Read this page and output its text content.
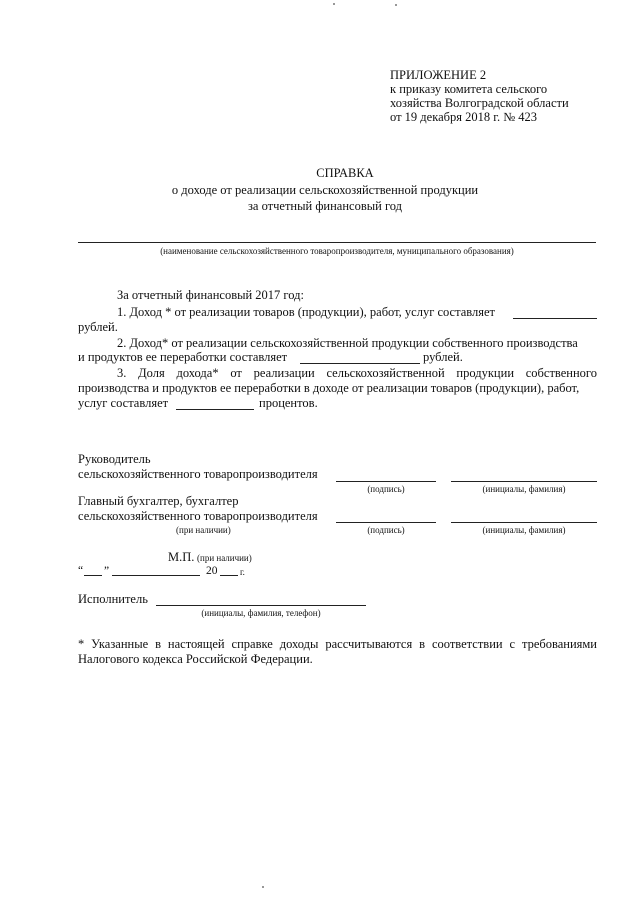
ПРИЛОЖЕНИЕ 2
к приказу комитета сельского
хозяйства Волгоградской области
от 19 декабря 2018 г. № 423
СПРАВКА
о доходе от реализации сельскохозяйственной продукции
за отчетный финансовый год
(наименование сельскохозяйственного товаропроизводителя, муниципального образования)
За отчетный финансовый 2017 год:
1. Доход * от реализации товаров (продукции), работ, услуг составляет
рублей.
2. Доход* от реализации сельскохозяйственной продукции собственного производства
и продуктов ее переработки составляет	рублей.
3. Доля дохода* от реализации сельскохозяйственной продукции собственного
производства и продуктов ее переработки в доходе от реализации товаров (продукции), работ,
услуг составляет	процентов.
Руководитель
сельскохозяйственного товаропроизводителя
(подпись)	(инициалы, фамилия)
Главный бухгалтер, бухгалтер
сельскохозяйственного товаропроизводителя
(при наличии)	(подпись)	(инициалы, фамилия)
М.П. (при наличии)
“ ”	20	г.
Исполнитель
(инициалы, фамилия, телефон)
* Указанные в настоящей справке доходы рассчитываются в соответствии с требованиями
Налогового кодекса Российской Федерации.
